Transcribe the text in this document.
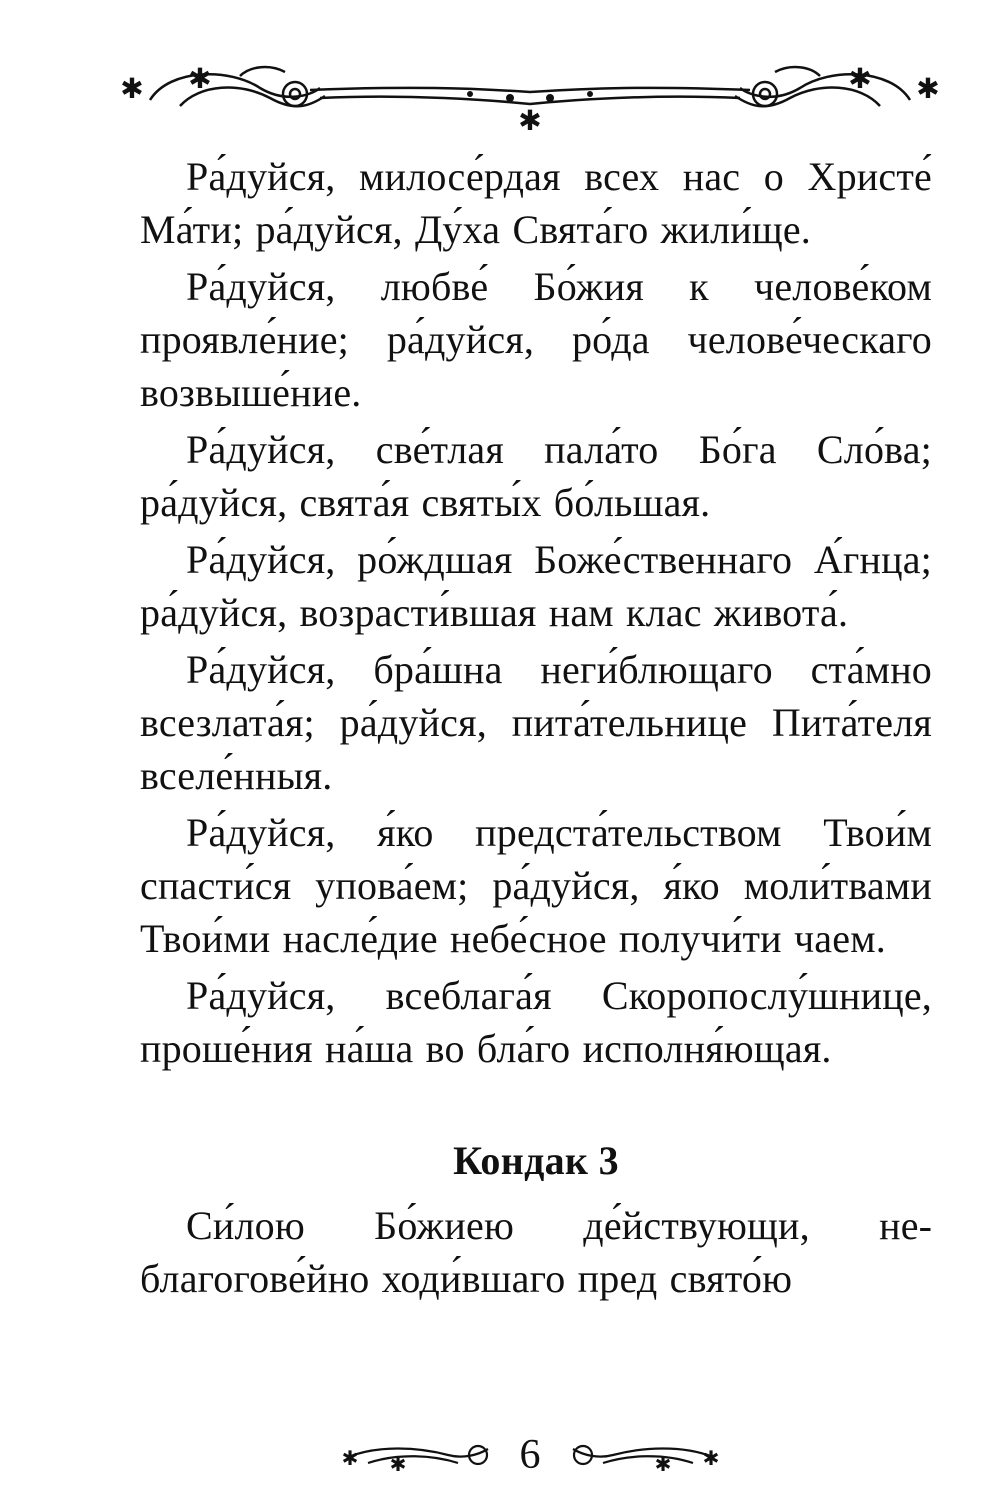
✱ ✱
✱
✱ ✱

Ра́дуйся, милосе́рдая всех нас о Христе́ Ма́ти; ра́дуйся, Ду́ха Свята́го жили́ще.

Ра́дуйся, любве́ Бо́жия к челове́ком проявле́ние; ра́дуйся, ро́да челове́ческаго возвыше́ние.

Ра́дуйся, све́тлая пала́то Бо́га Сло́ва; ра́дуйся, свята́я святы́х бо́льшая.

Ра́дуйся, ро́ждшая Боже́ственнаго А́гнца; ра́дуйся, возрасти́вшая нам клас живота́.

Ра́дуйся, бра́шна неги́блющаго ста́мно всезлата́я; ра́дуйся, пита́тельнице Пита́теля вселе́нныя.

Ра́дуйся, я́ко предста́тельством Твои́м спасти́ся упова́ем; ра́дуйся, я́ко моли́твами Твои́ми насле́дие небе́сное получи́ти чаем.

Ра́дуйся, всеблага́я Скоропослу́шнице, проше́ния на́ша во бла́го исполня́ющая.

Кондак 3

Си́лою Бо́жиею де́йствующи, неблагогове́йно ходи́вшаго пред свято́ю

✱ ✱	6	✱
✱
